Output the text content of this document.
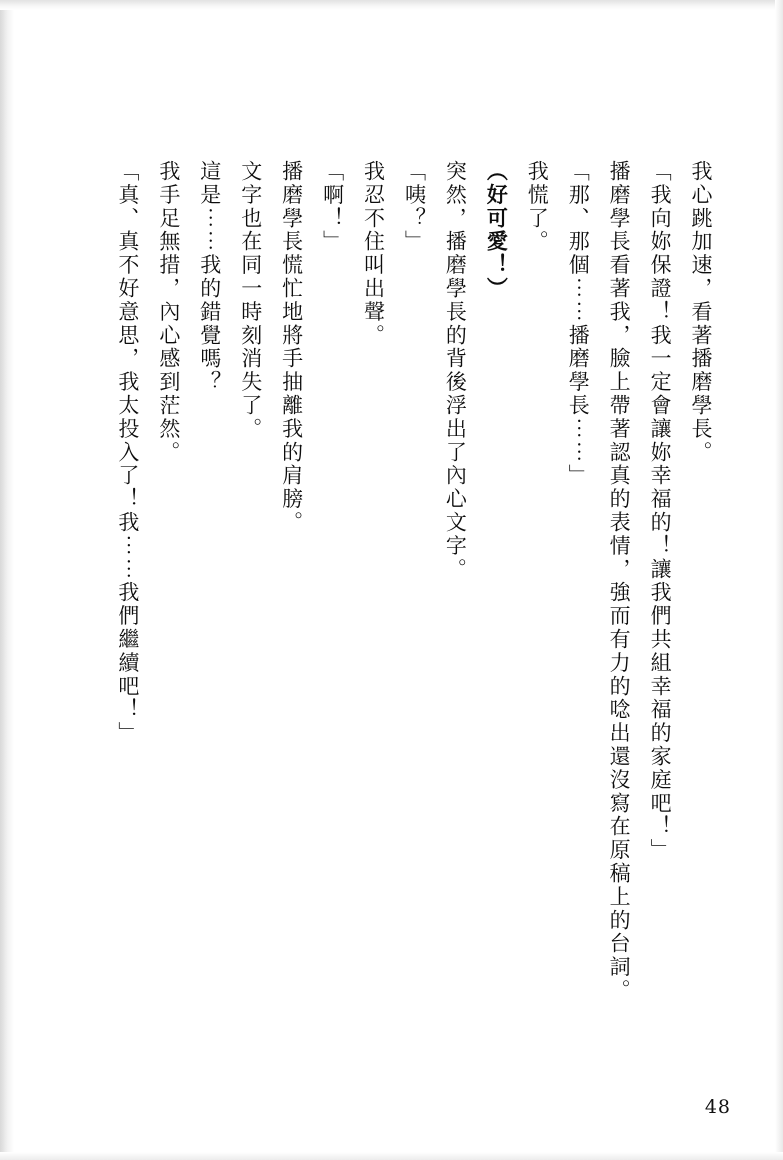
我心跳加速，看著播磨學長。
「我向妳保證！我一定會讓妳幸福的！讓我們共組幸福的家庭吧！」
播磨學長看著我，臉上帶著認真的表情，強而有力的唸出還沒寫在原稿上的台詞。
「那、那個⋯⋯播磨學長⋯⋯」
我慌了。
（好可愛！）
突然，播磨學長的背後浮出了內心文字。
「咦？」
我忍不住叫出聲。
「啊！」
播磨學長慌忙地將手抽離我的肩膀。
文字也在同一時刻消失了。
這是⋯⋯我的錯覺嗎？
我手足無措，內心感到茫然。
「真、真不好意思，我太投入了！我⋯⋯我們繼續吧！」
48
